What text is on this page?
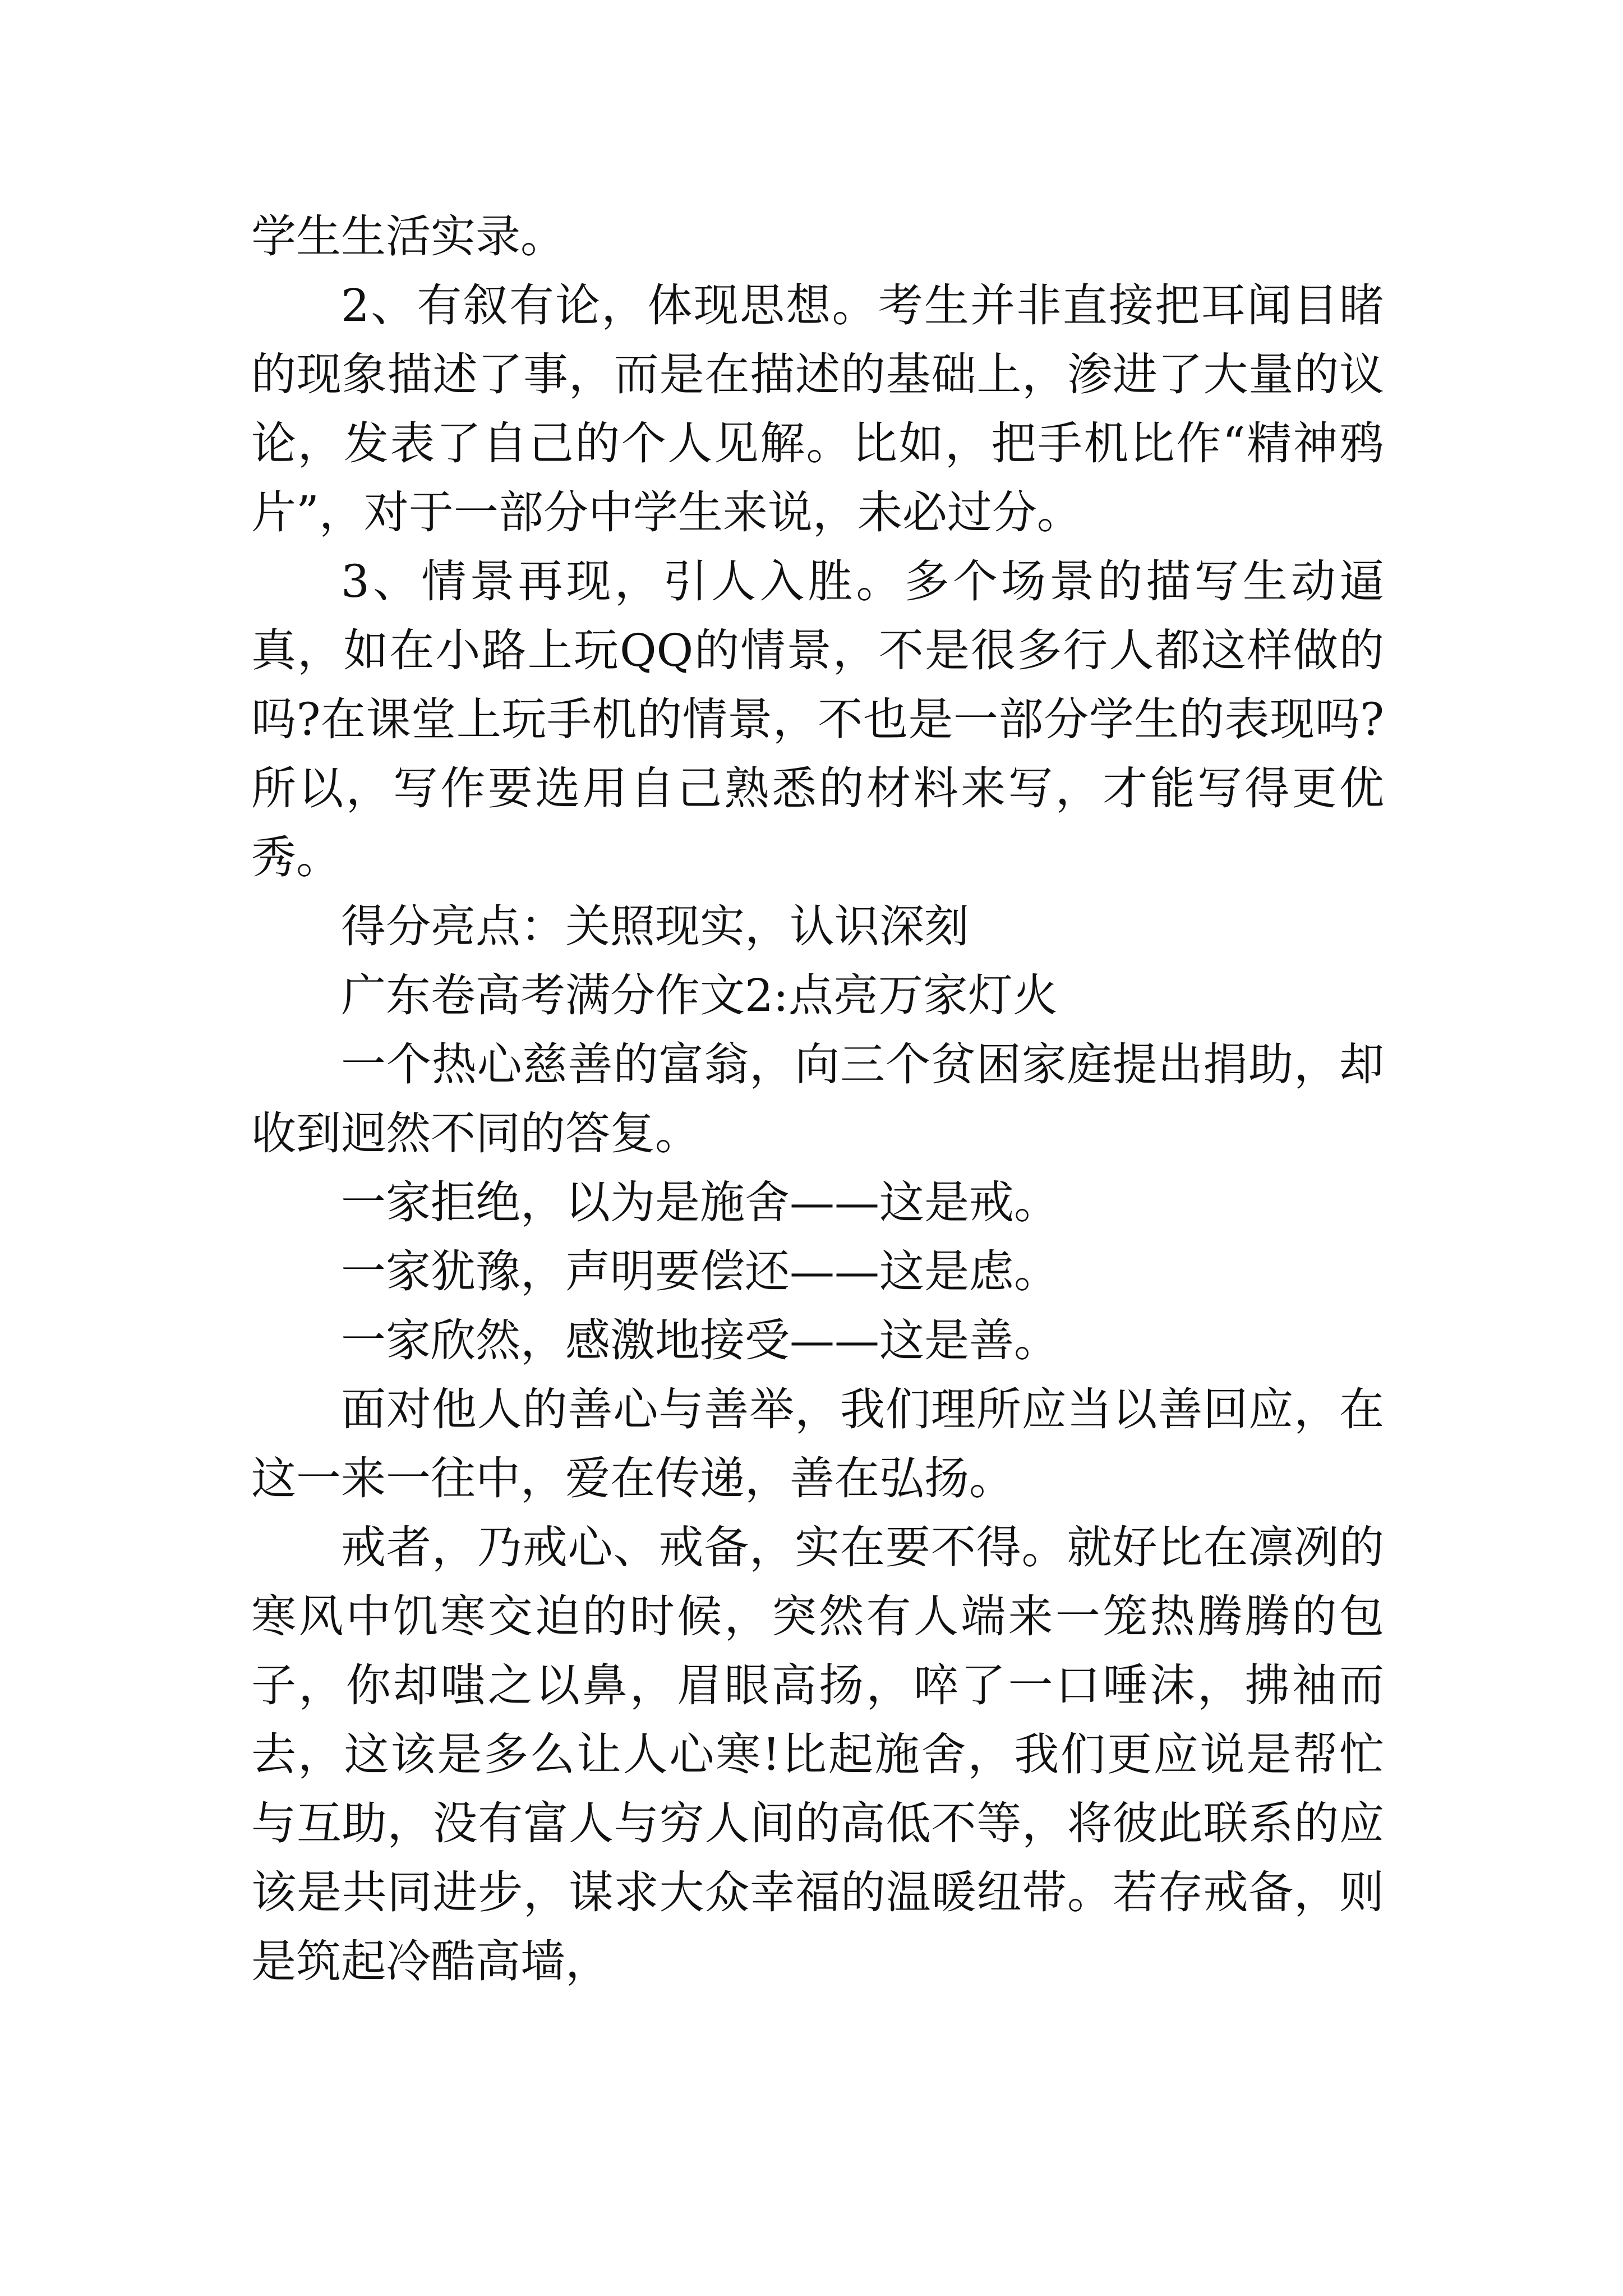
学生生活实录。

2、有叙有论，体现思想。考生并非直接把耳闻目睹的现象描述了事，而是在描述的基础上，渗进了大量的议论，发表了自己的个人见解。比如，把手机比作“精神鸦片”，对于一部分中学生来说，未必过分。

3、情景再现，引人入胜。多个场景的描写生动逼真，如在小路上玩QQ的情景，不是很多行人都这样做的吗?在课堂上玩手机的情景，不也是一部分学生的表现吗?所以，写作要选用自己熟悉的材料来写，才能写得更优秀。

得分亮点：关照现实，认识深刻

广东卷高考满分作文2:点亮万家灯火

一个热心慈善的富翁，向三个贫困家庭提出捐助，却收到迥然不同的答复。

一家拒绝，以为是施舍——这是戒。

一家犹豫，声明要偿还——这是虑。

一家欣然，感激地接受——这是善。

面对他人的善心与善举，我们理所应当以善回应，在这一来一往中，爱在传递，善在弘扬。

戒者，乃戒心、戒备，实在要不得。就好比在凛冽的寒风中饥寒交迫的时候，突然有人端来一笼热腾腾的包子，你却嗤之以鼻，眉眼高扬，啐了一口唾沫，拂袖而去，这该是多么让人心寒!比起施舍，我们更应说是帮忙与互助，没有富人与穷人间的高低不等，将彼此联系的应该是共同进步，谋求大众幸福的温暖纽带。若存戒备，则是筑起冷酷高墙，
